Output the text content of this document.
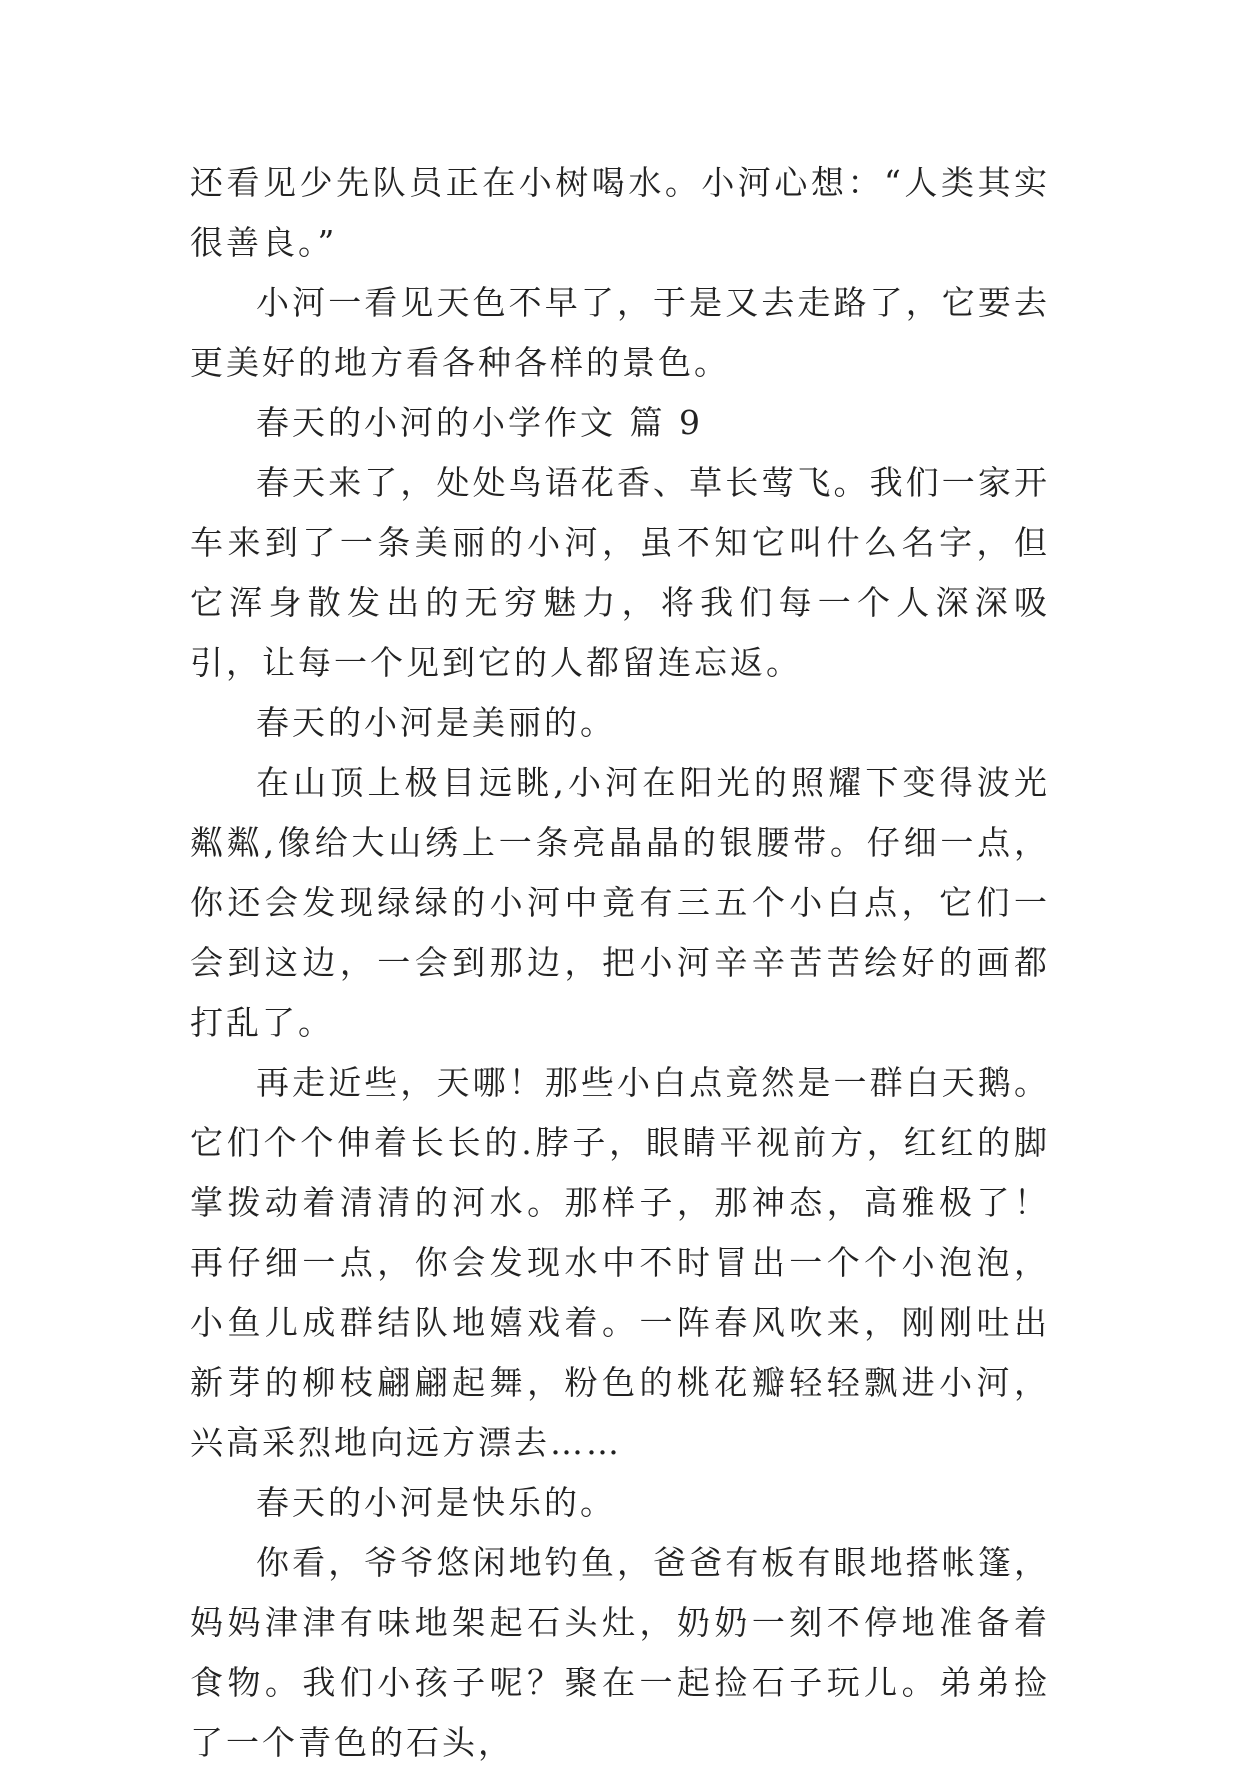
还看见少先队员正在小树喝水。小河心想：“人类其实很善良。”

小河一看见天色不早了，于是又去走路了，它要去更美好的地方看各种各样的景色。

春天的小河的小学作文 篇 9

春天来了，处处鸟语花香、草长莺飞。我们一家开车来到了一条美丽的小河，虽不知它叫什么名字，但它浑身散发出的无穷魅力，将我们每一个人深深吸引，让每一个见到它的人都留连忘返。

春天的小河是美丽的。

在山顶上极目远眺,小河在阳光的照耀下变得波光粼粼,像给大山绣上一条亮晶晶的银腰带。仔细一点，你还会发现绿绿的小河中竟有三五个小白点，它们一会到这边，一会到那边，把小河辛辛苦苦绘好的画都打乱了。

再走近些，天哪！那些小白点竟然是一群白天鹅。它们个个伸着长长的.脖子，眼睛平视前方，红红的脚掌拨动着清清的河水。那样子，那神态，高雅极了！再仔细一点，你会发现水中不时冒出一个个小泡泡，小鱼儿成群结队地嬉戏着。一阵春风吹来，刚刚吐出新芽的柳枝翩翩起舞，粉色的桃花瓣轻轻飘进小河，兴高采烈地向远方漂去……

春天的小河是快乐的。

你看，爷爷悠闲地钓鱼，爸爸有板有眼地搭帐篷，妈妈津津有味地架起石头灶，奶奶一刻不停地准备着食物。我们小孩子呢？聚在一起捡石子玩儿。弟弟捡了一个青色的石头，
